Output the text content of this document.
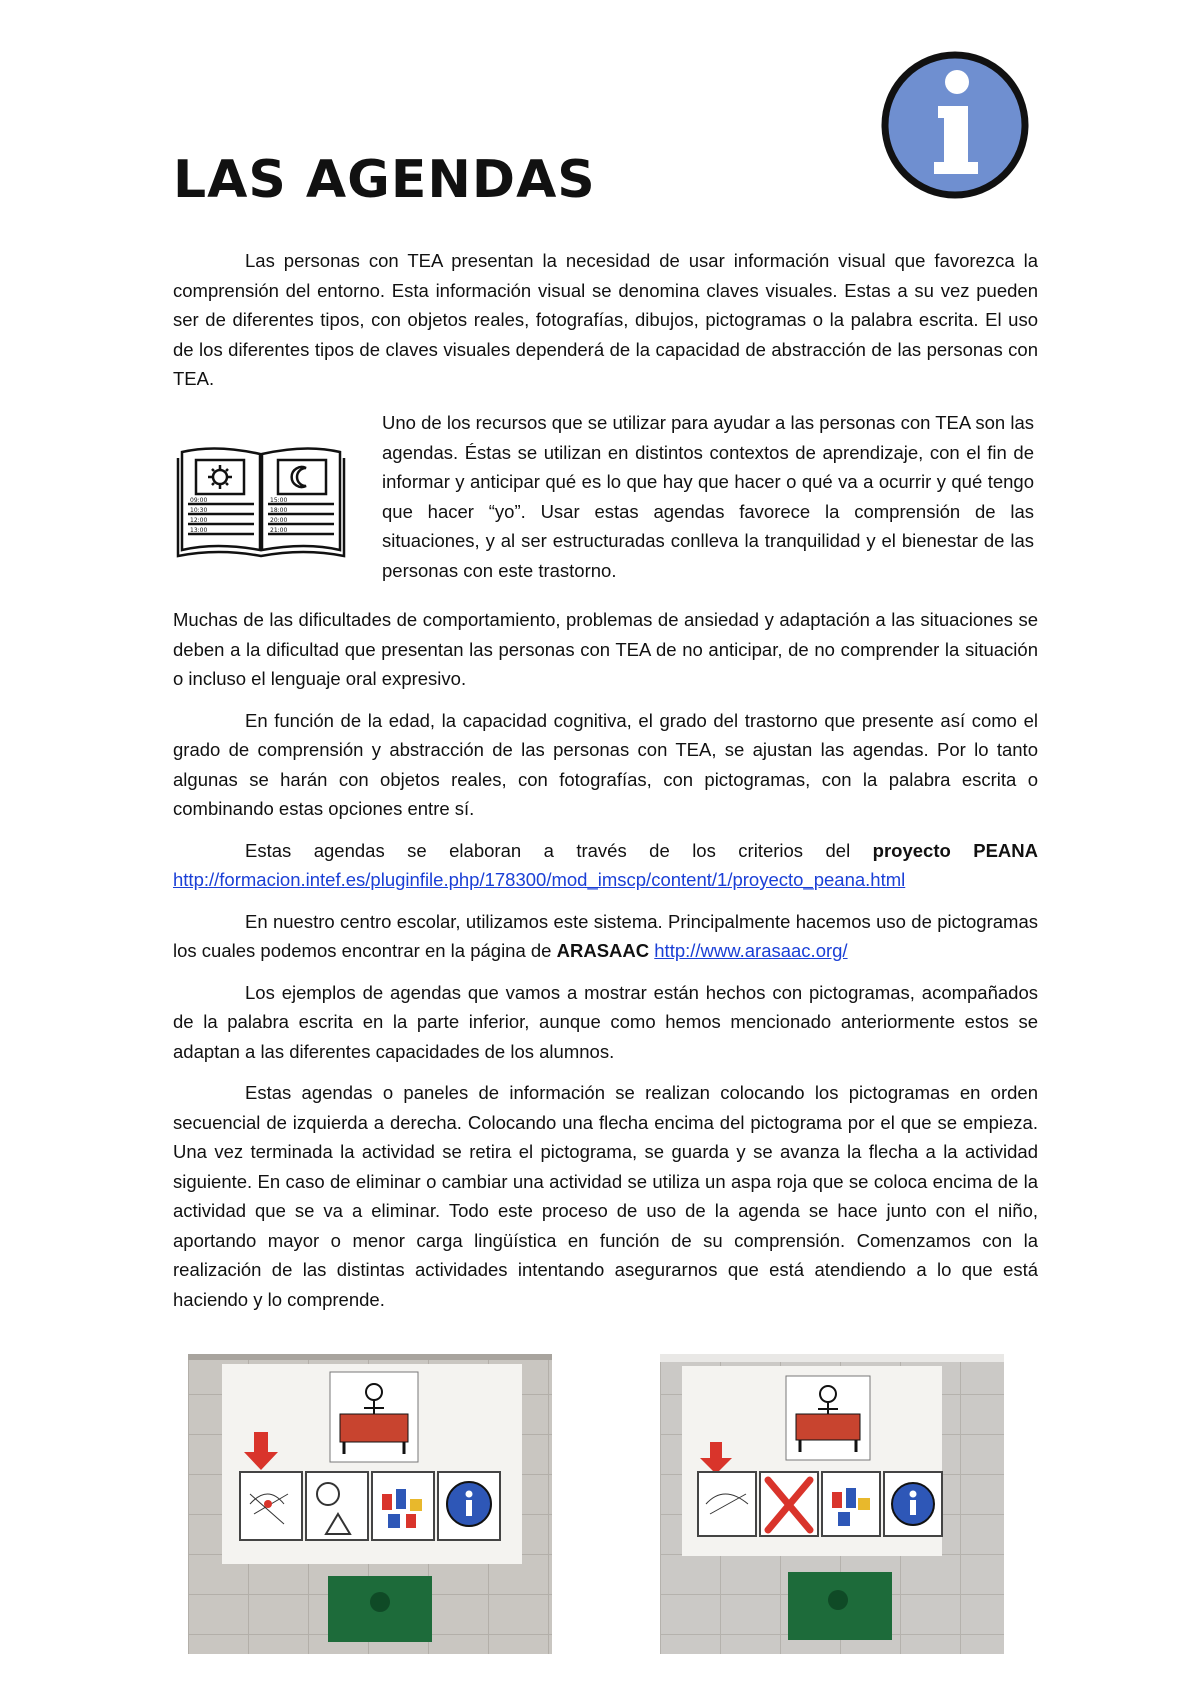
LAS AGENDAS

Las personas con TEA presentan la necesidad de usar información visual que favorezca la comprensión del entorno. Esta información visual se denomina claves visuales. Estas a su vez pueden ser de diferentes tipos, con objetos reales, fotografías, dibujos, pictogramas o la palabra escrita. El uso de los diferentes tipos de claves visuales dependerá de la capacidad de abstracción de las personas con TEA.

09:00
10:30
12:00
13:00
15:00
18:00
20:00
21:00

Uno de los recursos que se utilizar para ayudar a las personas con TEA son las agendas. Éstas se utilizan en distintos contextos de aprendizaje, con el fin de informar y anticipar qué es lo que hay que hacer o qué va a ocurrir y qué tengo que hacer “yo”. Usar estas agendas favorece la comprensión de las situaciones, y al ser estructuradas conlleva la tranquilidad y el bienestar de las personas con este trastorno.

Muchas de las dificultades de comportamiento, problemas de ansiedad y adaptación a las situaciones se deben a la dificultad que presentan las personas con TEA de no anticipar, de no comprender la situación o incluso el lenguaje oral expresivo.

En función de la edad, la capacidad cognitiva, el grado del trastorno que presente así como el grado de comprensión y abstracción de las personas con TEA, se ajustan las agendas. Por lo tanto algunas se harán con objetos reales, con fotografías, con pictogramas, con la palabra escrita o combinando estas opciones entre sí.

Estas agendas se elaboran a través de los criterios del proyecto PEANA http://formacion.intef.es/pluginfile.php/178300/mod_imscp/content/1/proyecto_peana.html

En nuestro centro escolar, utilizamos este sistema. Principalmente hacemos uso de pictogramas los cuales podemos encontrar en la página de ARASAAC http://www.arasaac.org/

Los ejemplos de agendas que vamos a mostrar están hechos con pictogramas, acompañados de la palabra escrita en la parte inferior, aunque como hemos mencionado anteriormente estos se adaptan a las diferentes capacidades de los alumnos.

Estas agendas o paneles de información se realizan colocando los pictogramas en orden secuencial de izquierda a derecha. Colocando una flecha encima del pictograma por el que se empieza. Una vez terminada la actividad se retira el pictograma, se guarda y se avanza la flecha a la actividad siguiente. En caso de eliminar o cambiar una actividad se utiliza un aspa roja que se coloca encima de la actividad que se va a eliminar. Todo este proceso de uso de la agenda se hace junto con el niño, aportando mayor o menor carga lingüística en función de su comprensión. Comenzamos con la realización de las distintas actividades intentando asegurarnos que está atendiendo a lo que está haciendo y lo comprende.
